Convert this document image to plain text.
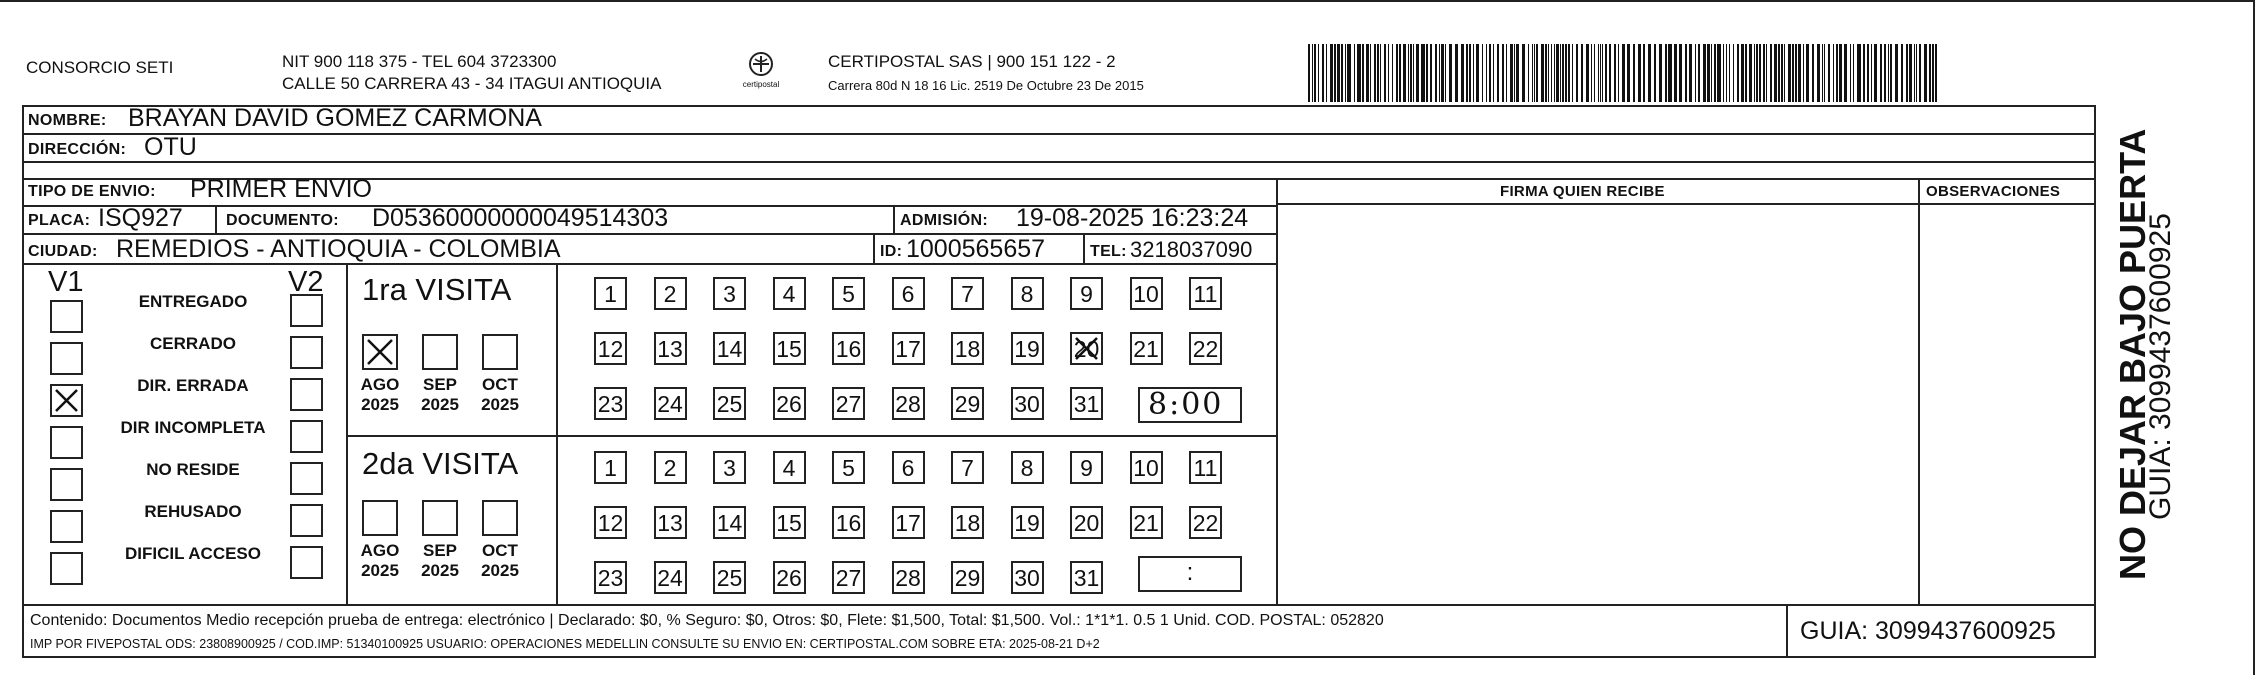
CONSORCIO SETI	NIT 900 118 375 - TEL 604 3723300
CALLE 50 CARRERA 43 - 34 ITAGUI ANTIOQUIA	certipostal
CERTIPOSTAL SAS | 900 151 122 - 2
Carrera 80d N 18 16 Lic. 2519 De Octubre 23 De 2015
NOMBRE: BRAYAN DAVID GOMEZ CARMONA
DIRECCIÓN: OTU
TIPO DE ENVIO: PRIMER ENVIO	FIRMA QUIEN RECIBE	OBSERVACIONES
PLACA: ISQ927	DOCUMENTO: D05360000000049514303	ADMISIÓN: 19-08-2025 16:23:24
CIUDAD: REMEDIOS - ANTIOQUIA - COLOMBIA	ID: 1000565657	TEL: 3218037090
V1	V2
ENTREGADO
CERRADO
DIR. ERRADA
DIR INCOMPLETA
NO RESIDE
REHUSADO
DIFICIL ACCESO
1ra VISITA
2da VISITA
AGO
2025
SEP
2025
OCT
2025
AGO
2025
SEP
2025
OCT
2025
1	2	3	4	5	6	7	8	9	10 11
12 13 14 15 16 17 18 19 20 21 22
23 24 25 26 27 28 29 30 31
1	2	3	4	5	6	7	8	9	10 11
12 13 14 15 16 17 18 19 20 21 22
23 24 25 26 27 28 29 30 31
8:00
:
Contenido: Documentos Medio recepción prueba de entrega: electrónico | Declarado: $0, % Seguro: $0, Otros: $0, Flete: $1,500, Total: $1,500. Vol.: 1*1*1. 0.5 1 Unid. COD. POSTAL: 052820
IMP POR FIVEPOSTAL ODS: 23808900925 / COD.IMP: 51340100925 USUARIO: OPERACIONES MEDELLIN CONSULTE SU ENVIO EN: CERTIPOSTAL.COM SOBRE ETA: 2025-08-21 D+2	GUIA: 3099437600925
NO DEJAR BAJO PUERTA
GUIA: 3099437600925
